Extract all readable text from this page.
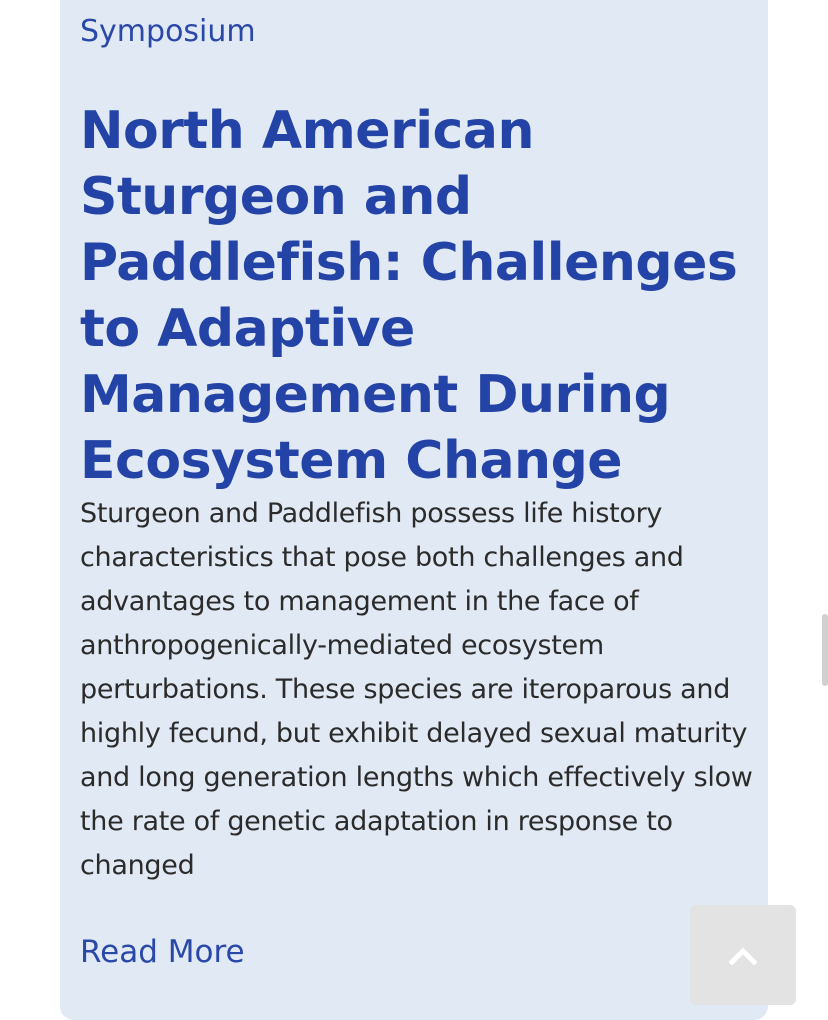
Symposium
North American Sturgeon and Paddlefish: Challenges to Adaptive Management During Ecosystem Change

Sturgeon and Paddlefish possess life history characteristics that pose both challenges and advantages to management in the face of anthropogenically-mediated ecosystem perturbations. These species are iteroparous and highly fecund, but exhibit delayed sexual maturity and long generation lengths which effectively slow the rate of genetic adaptation in response to changed

Read More
